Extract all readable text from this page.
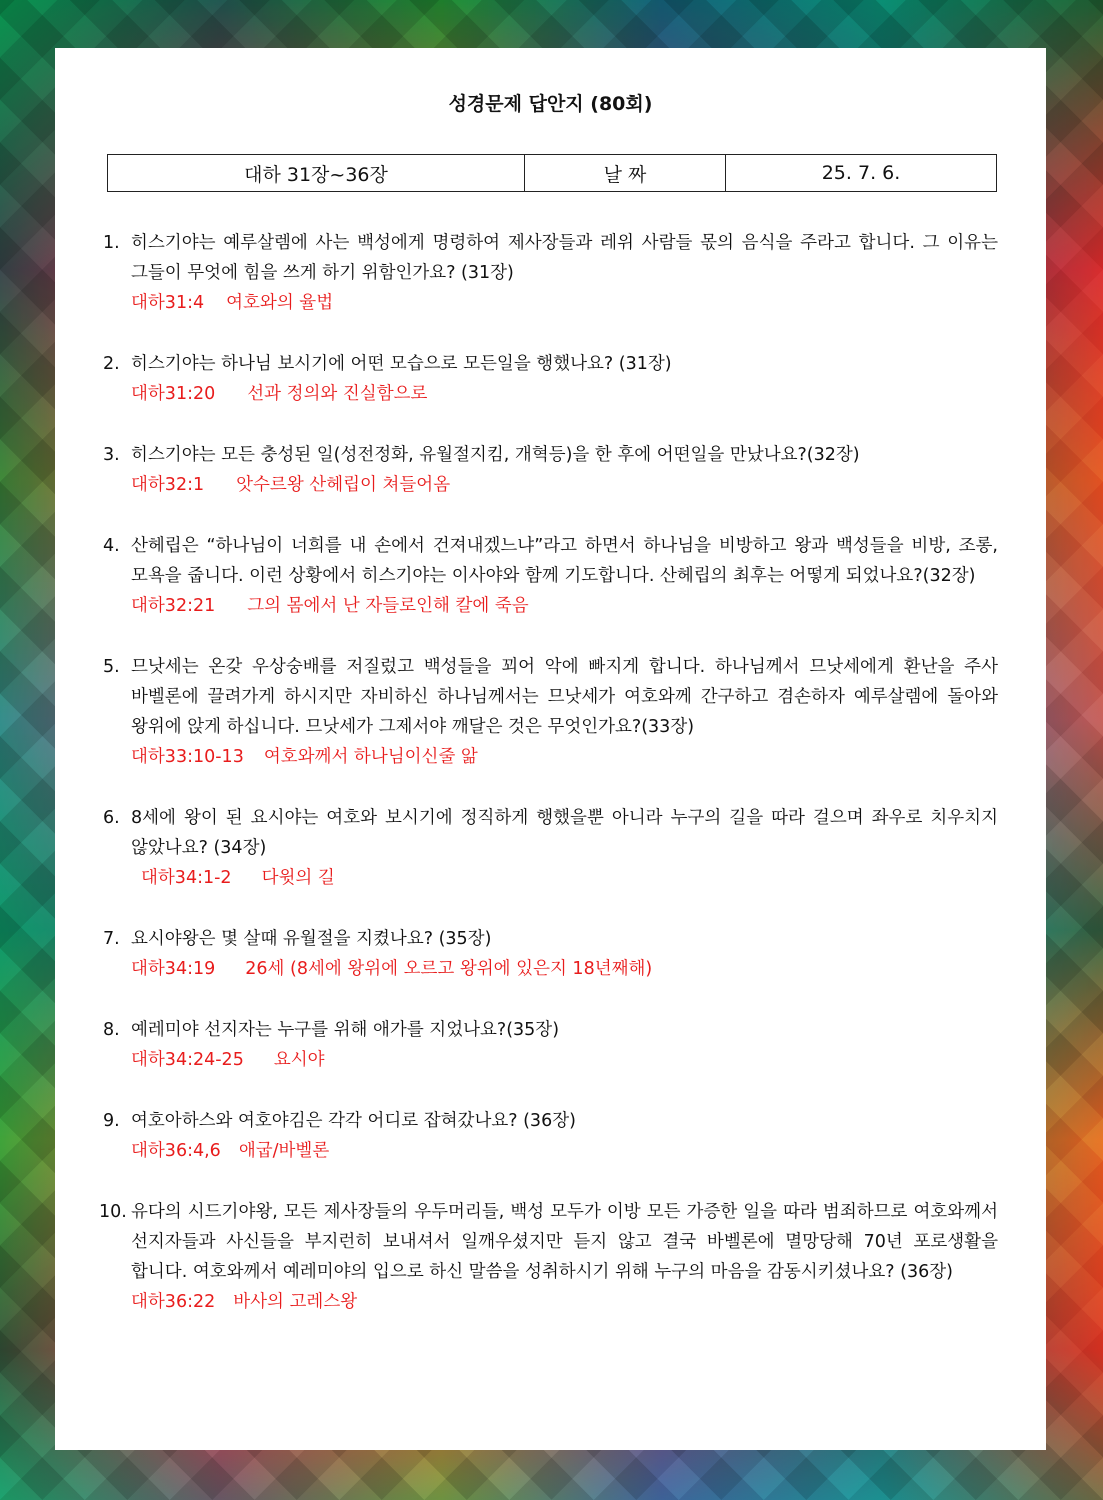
성경문제 답안지 (80회)
대하 31장~36장	날 짜	25. 7. 6.
1. 히스기야는 예루살렘에 사는 백성에게 명령하여 제사장들과 레위 사람들 몫의 음식을 주라고 합니다. 그 이유는 그들이 무엇에 힘을 쓰게 하기 위함인가요? (31장)

대하31:4 여호와의 율법

2. 히스기야는 하나님 보시기에 어떤 모습으로 모든일을 행했나요? (31장)

대하31:20 선과 정의와 진실함으로

3. 히스기야는 모든 충성된 일(성전정화, 유월절지킴, 개혁등)을 한 후에 어떤일을 만났나요?(32장)

대하32:1 앗수르왕 산헤립이 쳐들어옴

4. 산헤립은 “하나님이 너희를 내 손에서 건져내겠느냐”라고 하면서 하나님을 비방하고 왕과 백성들을 비방, 조롱, 모욕을 줍니다. 이런 상황에서 히스기야는 이사야와 함께 기도합니다. 산헤립의 최후는 어떻게 되었나요?(32장)

대하32:21 그의 몸에서 난 자들로인해 칼에 죽음

5. 므낫세는 온갖 우상숭배를 저질렀고 백성들을 꾀어 악에 빠지게 합니다. 하나님께서 므낫세에게 환난을 주사 바벨론에 끌려가게 하시지만 자비하신 하나님께서는 므낫세가 여호와께 간구하고 겸손하자 예루살렘에 돌아와 왕위에 앉게 하십니다. 므낫세가 그제서야 깨달은 것은 무엇인가요?(33장)

대하33:10-13 여호와께서 하나님이신줄 앎

6. 8세에 왕이 된 요시야는 여호와 보시기에 정직하게 행했을뿐 아니라 누구의 길을 따라 걸으며 좌우로 치우치지 않았나요? (34장)

대하34:1-2 다윗의 길

7. 요시야왕은 몇 살때 유월절을 지켰나요? (35장)

대하34:19 26세 (8세에 왕위에 오르고 왕위에 있은지 18년째해)

8. 예레미야 선지자는 누구를 위해 애가를 지었나요?(35장)

대하34:24-25 요시야

9. 여호아하스와 여호야김은 각각 어디로 잡혀갔나요? (36장)

대하36:4,6 애굽/바벨론

10. 유다의 시드기야왕, 모든 제사장들의 우두머리들, 백성 모두가 이방 모든 가증한 일을 따라 범죄하므로 여호와께서 선지자들과 사신들을 부지런히 보내셔서 일깨우셨지만 듣지 않고 결국 바벨론에 멸망당해 70년 포로생활을 합니다. 여호와께서 예레미야의 입으로 하신 말씀을 성취하시기 위해 누구의 마음을 감동시키셨나요? (36장)

대하36:22 바사의 고레스왕
